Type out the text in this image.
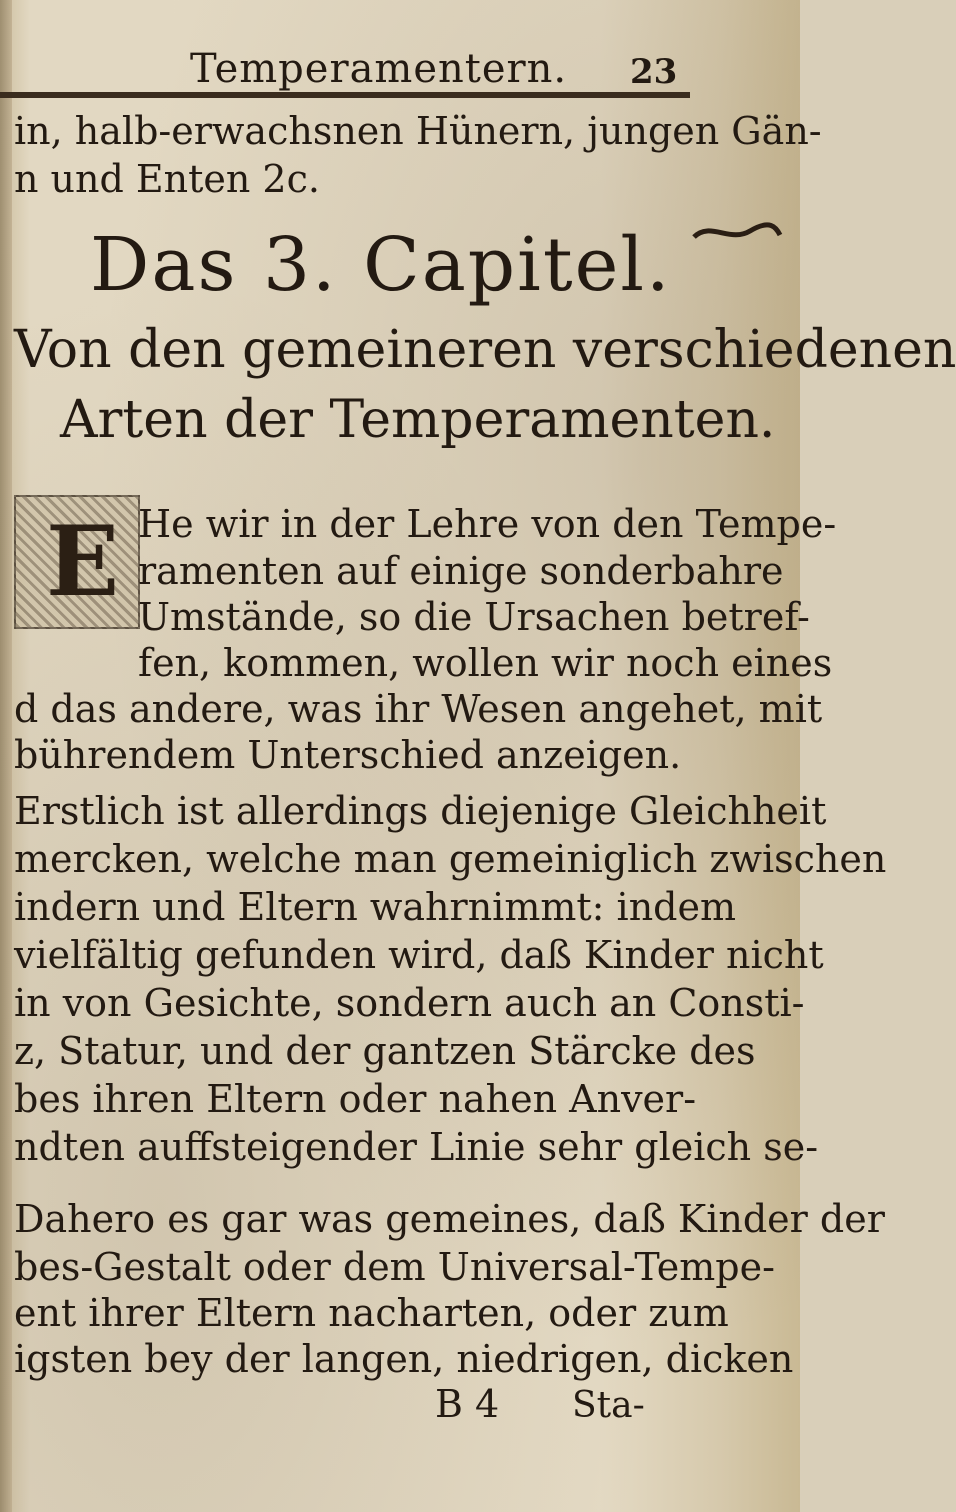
Temperamentern. 23
in, halb-erwachsnen Hünern, jungen Gän-
n und Enten 2c.
Das 3. Capitel.
Von den gemeineren verschiedenen
Arten der Temperamenten.
E He wir in der Lehre von den Tempe-
ramenten auf einige sonderbahre
Umstände, so die Ursachen betref-
fen, kommen, wollen wir noch eines
d das andere, was ihr Wesen angehet, mit
bührendem Unterschied anzeigen.
Erstlich ist allerdings diejenige Gleichheit
mercken, welche man gemeiniglich zwischen
indern und Eltern wahrnimmt: indem
vielfältig gefunden wird, daß Kinder nicht
in von Gesichte, sondern auch an Consti-
z, Statur, und der gantzen Stärcke des
bes ihren Eltern oder nahen Anver-
ndten auffsteigender Linie sehr gleich se-
Dahero es gar was gemeines, daß Kinder der
bes-Gestalt oder dem Universal-Tempe-
ent ihrer Eltern nacharten, oder zum
igsten bey der langen, niedrigen, dicken
B 4 Sta-
